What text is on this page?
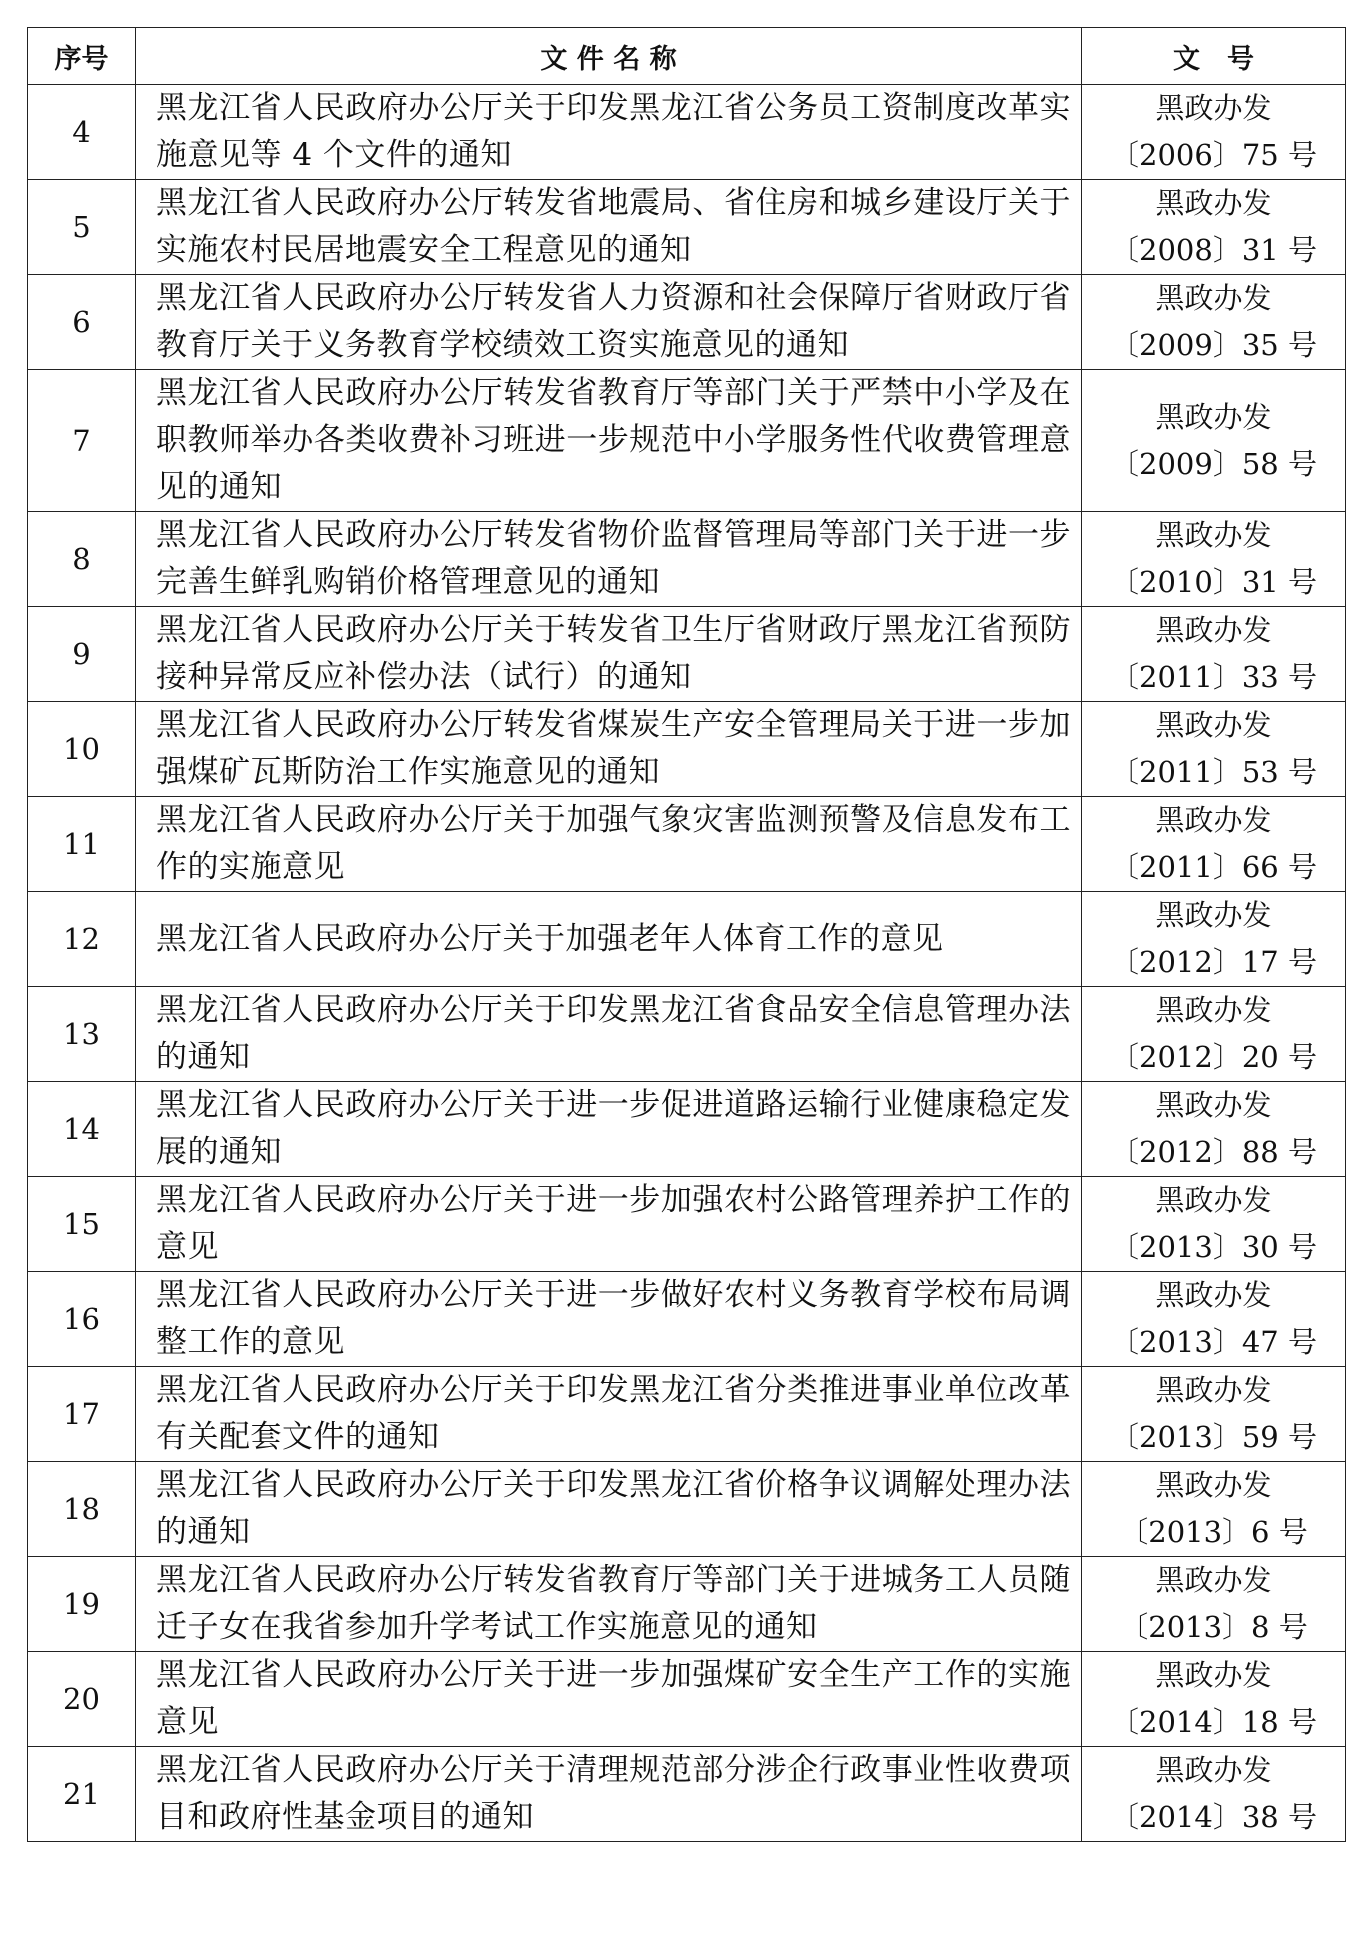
序号	文 件 名 称	文　号
4	黑龙江省人民政府办公厅关于印发黑龙江省公务员工资制度改革实施意见等 4 个文件的通知	黑政办发
〔2006〕75 号

5	黑龙江省人民政府办公厅转发省地震局、省住房和城乡建设厅关于实施农村民居地震安全工程意见的通知	黑政办发
〔2008〕31 号

6	黑龙江省人民政府办公厅转发省人力资源和社会保障厅省财政厅省教育厅关于义务教育学校绩效工资实施意见的通知	黑政办发
〔2009〕35 号

7	黑龙江省人民政府办公厅转发省教育厅等部门关于严禁中小学及在职教师举办各类收费补习班进一步规范中小学服务性代收费管理意见的通知	黑政办发
〔2009〕58 号

8	黑龙江省人民政府办公厅转发省物价监督管理局等部门关于进一步完善生鲜乳购销价格管理意见的通知	黑政办发
〔2010〕31 号

9	黑龙江省人民政府办公厅关于转发省卫生厅省财政厅黑龙江省预防接种异常反应补偿办法（试行）的通知	黑政办发
〔2011〕33 号

10	黑龙江省人民政府办公厅转发省煤炭生产安全管理局关于进一步加强煤矿瓦斯防治工作实施意见的通知	黑政办发
〔2011〕53 号

11	黑龙江省人民政府办公厅关于加强气象灾害监测预警及信息发布工作的实施意见	黑政办发
〔2011〕66 号

12	黑龙江省人民政府办公厅关于加强老年人体育工作的意见	黑政办发
〔2012〕17 号

13	黑龙江省人民政府办公厅关于印发黑龙江省食品安全信息管理办法的通知	黑政办发
〔2012〕20 号

14	黑龙江省人民政府办公厅关于进一步促进道路运输行业健康稳定发展的通知	黑政办发
〔2012〕88 号

15	黑龙江省人民政府办公厅关于进一步加强农村公路管理养护工作的意见	黑政办发
〔2013〕30 号

16	黑龙江省人民政府办公厅关于进一步做好农村义务教育学校布局调整工作的意见	黑政办发
〔2013〕47 号

17	黑龙江省人民政府办公厅关于印发黑龙江省分类推进事业单位改革有关配套文件的通知	黑政办发
〔2013〕59 号

18	黑龙江省人民政府办公厅关于印发黑龙江省价格争议调解处理办法的通知	黑政办发
〔2013〕6 号

19	黑龙江省人民政府办公厅转发省教育厅等部门关于进城务工人员随迁子女在我省参加升学考试工作实施意见的通知	黑政办发
〔2013〕8 号

20	黑龙江省人民政府办公厅关于进一步加强煤矿安全生产工作的实施意见	黑政办发
〔2014〕18 号

21	黑龙江省人民政府办公厅关于清理规范部分涉企行政事业性收费项目和政府性基金项目的通知	黑政办发
〔2014〕38 号
